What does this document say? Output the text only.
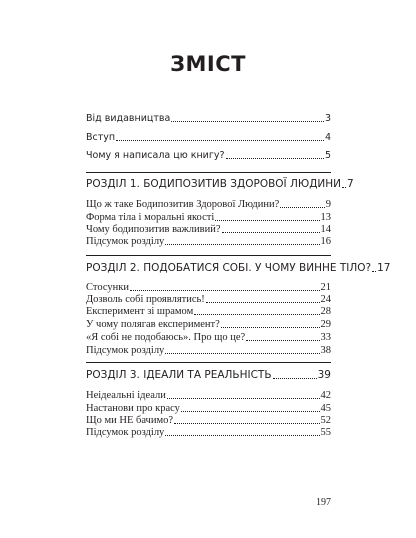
ЗМІСТ
Від видавництва	3
Вступ	4
Чому я написала цю книгу?	5
РОЗДІЛ 1. БОДИПОЗИТИВ ЗДОРОВОЇ ЛЮДИНИ 7
Що ж таке Бодипозитив Здорової Людини?	9
Форма тіла і моральні якості	13
Чому бодипозитив важливий?	14
Підсумок розділу	16
РОЗДІЛ 2. ПОДОБАТИСЯ СОБІ. У ЧОМУ ВИННЕ ТІЛО? 17
Стосунки	21
Дозволь собі проявлятись!	24
Експеримент зі шрамом	28
У чому полягав експеримент?	29
«Я собі не подобаюсь». Про що це?	33
Підсумок розділу	38
РОЗДІЛ 3. ІДЕАЛИ ТА РЕАЛЬНІСТЬ	39
Неідеальні ідеали	42
Настанови про красу	45
Що ми НЕ бачимо?	52
Підсумок розділу	55
197
